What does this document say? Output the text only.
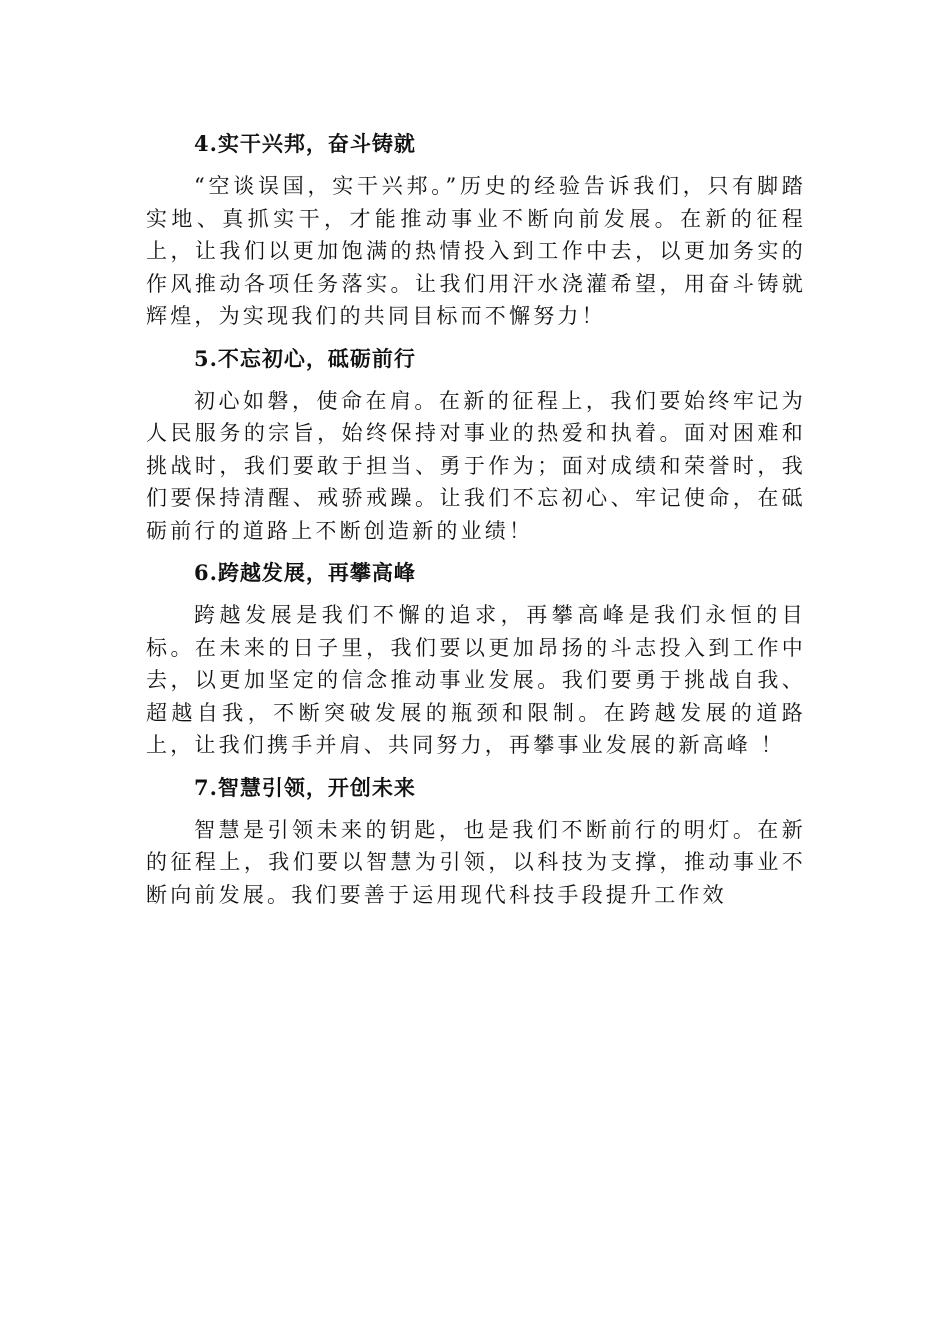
4.实干兴邦，奋斗铸就

“空谈误国，实干兴邦。”历史的经验告诉我们，只有脚踏实地、真抓实干，才能推动事业不断向前发展。在新的征程上，让我们以更加饱满的热情投入到工作中去，以更加务实的作风推动各项任务落实。让我们用汗水浇灌希望，用奋斗铸就辉煌，为实现我们的共同目标而不懈努力！

5.不忘初心，砥砺前行

初心如磐，使命在肩。在新的征程上，我们要始终牢记为人民服务的宗旨，始终保持对事业的热爱和执着。面对困难和挑战时，我们要敢于担当、勇于作为；面对成绩和荣誉时，我们要保持清醒、戒骄戒躁。让我们不忘初心、牢记使命，在砥砺前行的道路上不断创造新的业绩！

6.跨越发展，再攀高峰

跨越发展是我们不懈的追求，再攀高峰是我们永恒的目标。在未来的日子里，我们要以更加昂扬的斗志投入到工作中去，以更加坚定的信念推动事业发展。我们要勇于挑战自我、超越自我，不断突破发展的瓶颈和限制。在跨越发展的道路上，让我们携手并肩、共同努力，再攀事业发展的新高峰 ！

7.智慧引领，开创未来

智慧是引领未来的钥匙，也是我们不断前行的明灯。在新的征程上，我们要以智慧为引领，以科技为支撑，推动事业不断向前发展。我们要善于运用现代科技手段提升工作效
